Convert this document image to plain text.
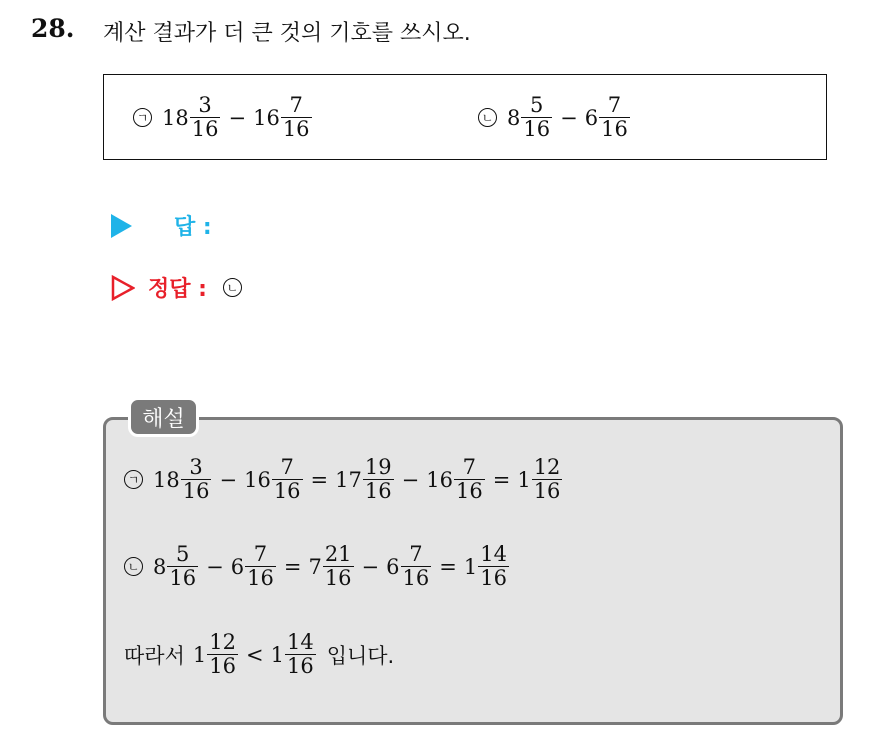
28. 계산 결과가 더 큰 것의 기호를 쓰시오.
ㄱ $18 \frac{3}{16} - 16 \frac{7}{16}$	ㄴ $8 \frac{5}{16} - 6 \frac{7}{16}$
답 :
정답 :	ㄴ
해설
ㄱ $18 \frac{3}{16} - 16 \frac{7}{16} = 17 \frac{19}{16} - 16 \frac{7}{16} = 1 \frac{12}{16}$
ㄴ $8 \frac{5}{16} - 6 \frac{7}{16} = 7 \frac{21}{16} - 6 \frac{7}{16} = 1 \frac{14}{16}$
따라서 $1 \frac{12}{16} < 1 \frac{14}{16}$ 입니다.
